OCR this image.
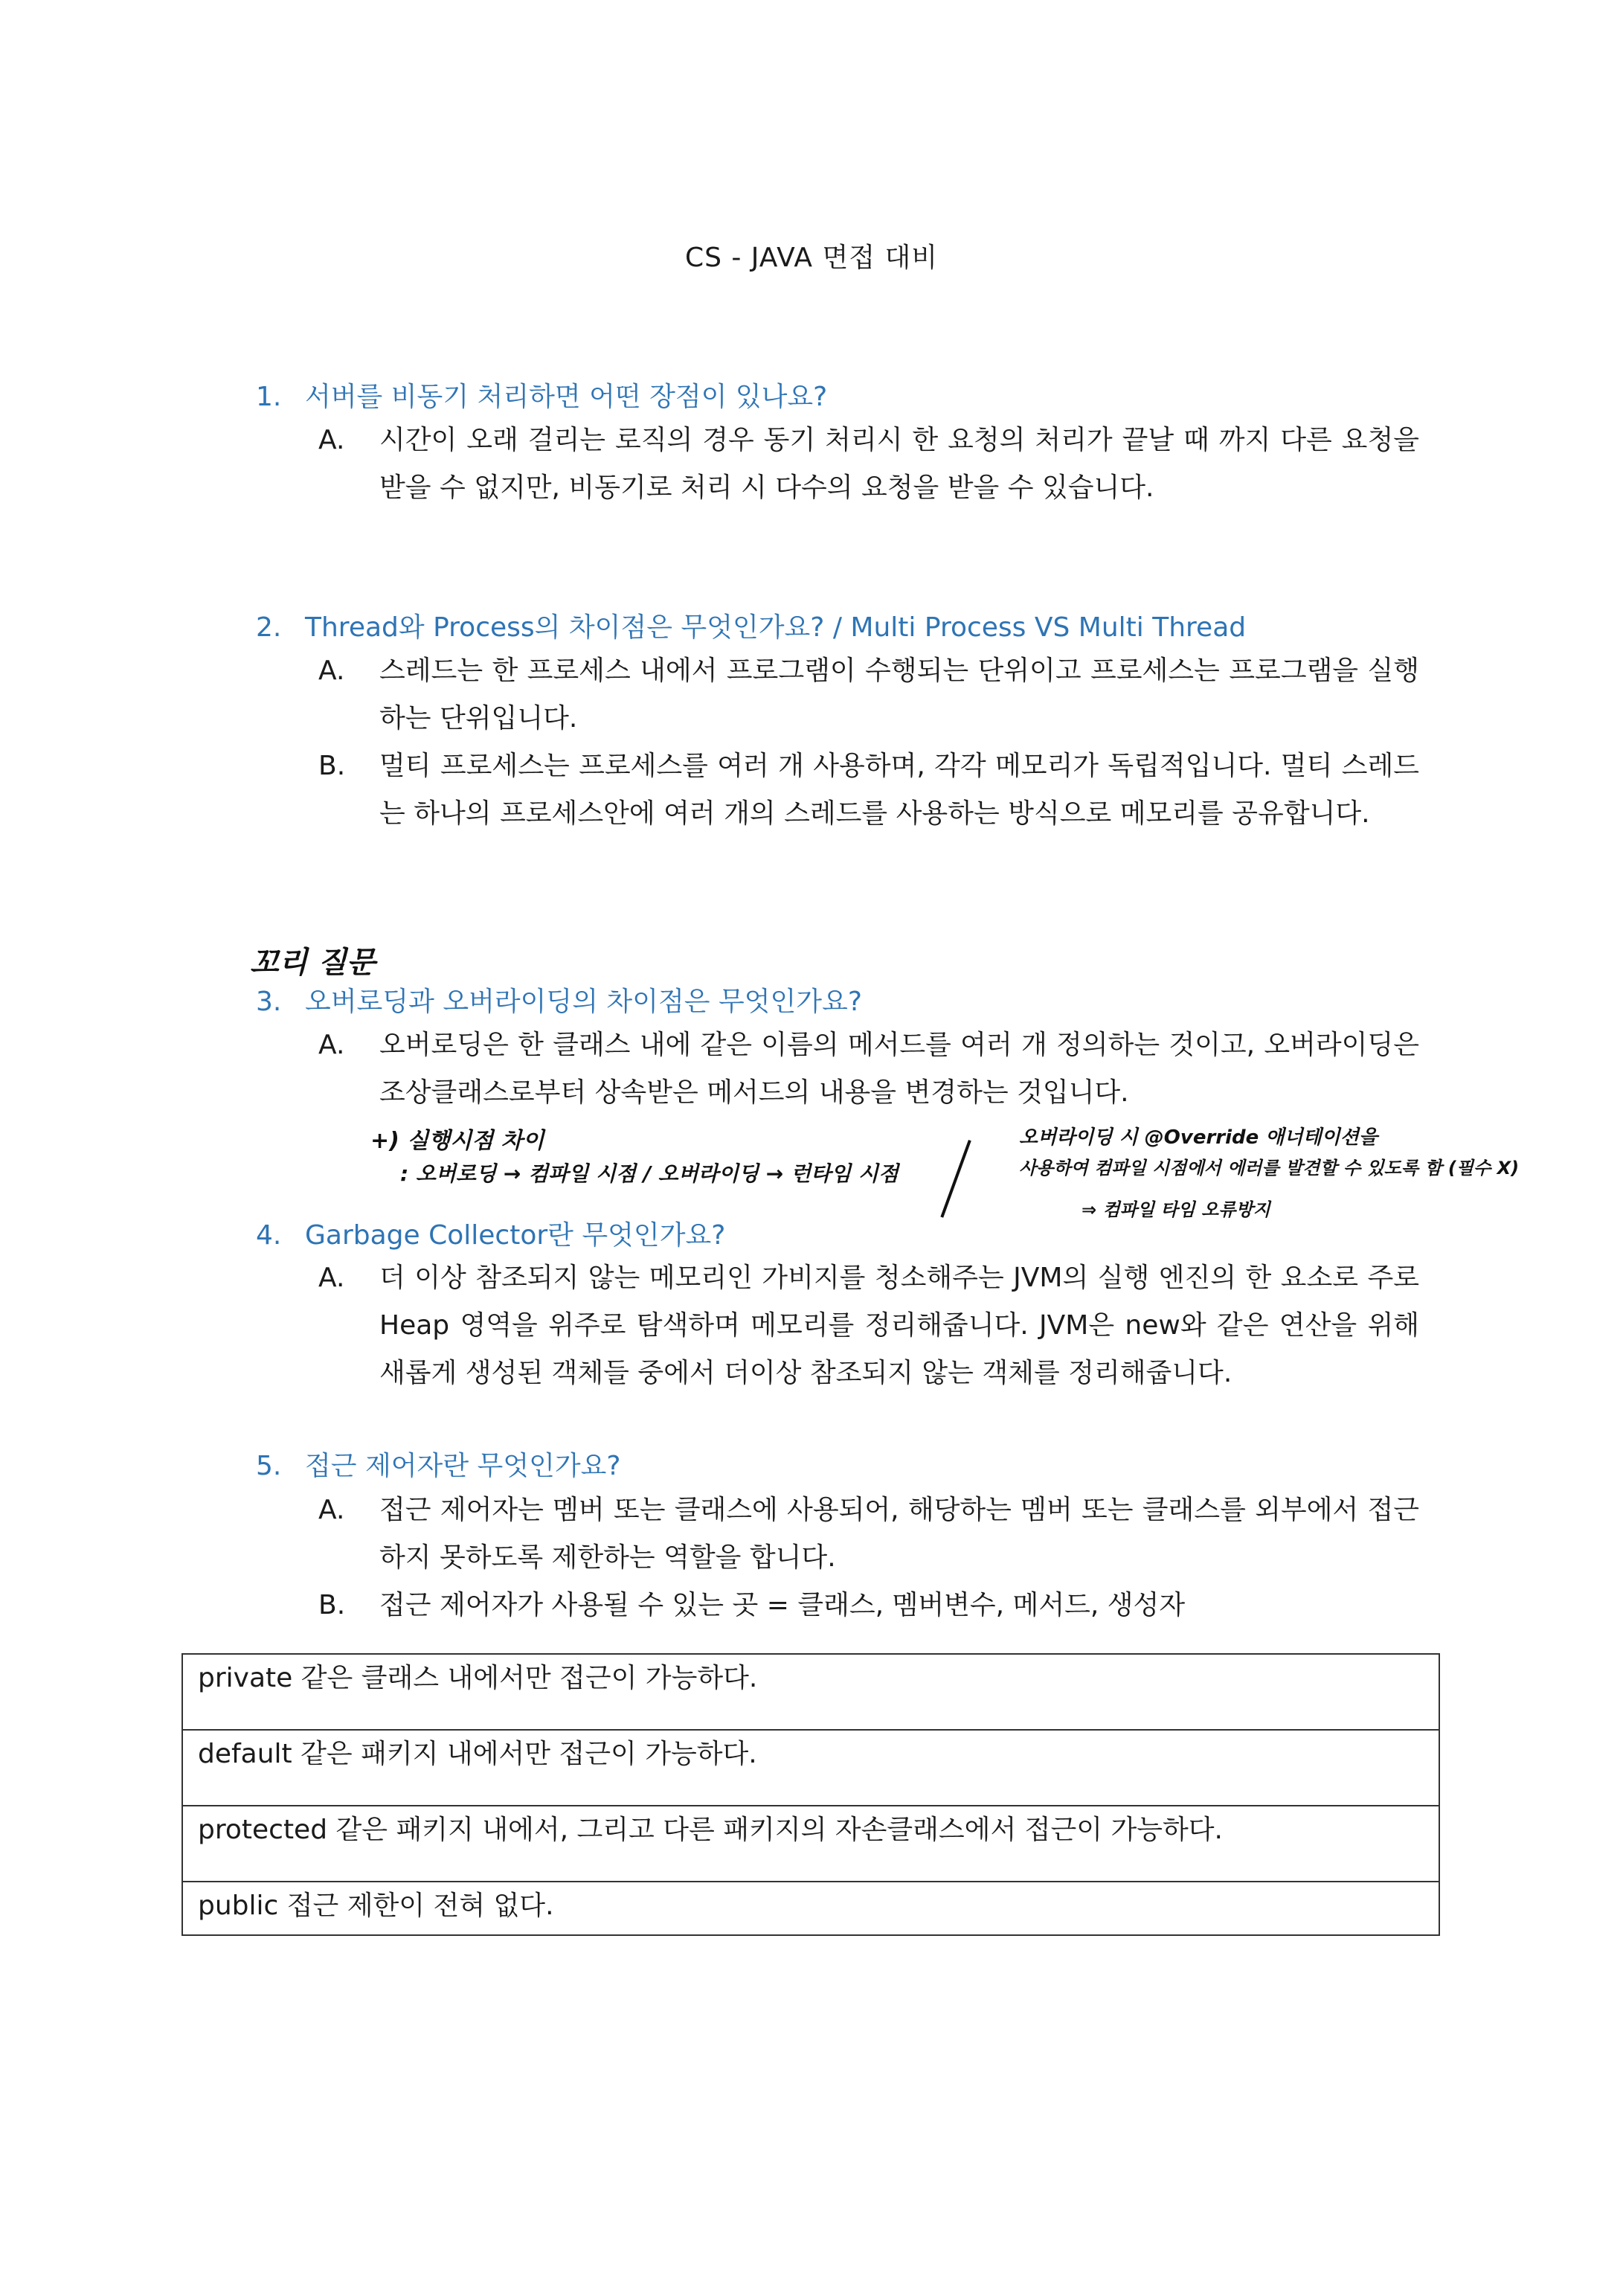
CS - JAVA 면접 대비
1. 서버를 비동기 처리하면 어떤 장점이 있나요?
A. 시간이 오래 걸리는 로직의 경우 동기 처리시 한 요청의 처리가 끝날 때 까지 다른 요청을 받을 수 없지만, 비동기로 처리 시 다수의 요청을 받을 수 있습니다.
2. Thread와 Process의 차이점은 무엇인가요? / Multi Process VS Multi Thread
A. 스레드는 한 프로세스 내에서 프로그램이 수행되는 단위이고 프로세스는 프로그램을 실행하는 단위입니다.
B. 멀티 프로세스는 프로세스를 여러 개 사용하며, 각각 메모리가 독립적입니다. 멀티 스레드는 하나의 프로세스안에 여러 개의 스레드를 사용하는 방식으로 메모리를 공유합니다.
꼬리 질문
3. 오버로딩과 오버라이딩의 차이점은 무엇인가요?
A. 오버로딩은 한 클래스 내에 같은 이름의 메서드를 여러 개 정의하는 것이고, 오버라이딩은 조상클래스로부터 상속받은 메서드의 내용을 변경하는 것입니다.
+) 실행시점 차이
: 오버로딩 → 컴파일 시점 / 오버라이딩 → 런타임 시점
오버라이딩 시 @Override 애너테이션을
사용하여 컴파일 시점에서 에러를 발견할 수 있도록 함 (필수 X)
⇒ 컴파일 타임 오류방지
4. Garbage Collector란 무엇인가요?
A. 더 이상 참조되지 않는 메모리인 가비지를 청소해주는 JVM의 실행 엔진의 한 요소로 주로 Heap 영역을 위주로 탐색하며 메모리를 정리해줍니다. JVM은 new와 같은 연산을 위해 새롭게 생성된 객체들 중에서 더이상 참조되지 않는 객체를 정리해줍니다.
5. 접근 제어자란 무엇인가요?
A. 접근 제어자는 멤버 또는 클래스에 사용되어, 해당하는 멤버 또는 클래스를 외부에서 접근하지 못하도록 제한하는 역할을 합니다.
B. 접근 제어자가 사용될 수 있는 곳 = 클래스, 멤버변수, 메서드, 생성자
private 같은 클래스 내에서만 접근이 가능하다.
default 같은 패키지 내에서만 접근이 가능하다.
protected 같은 패키지 내에서, 그리고 다른 패키지의 자손클래스에서 접근이 가능하다.
public 접근 제한이 전혀 없다.
